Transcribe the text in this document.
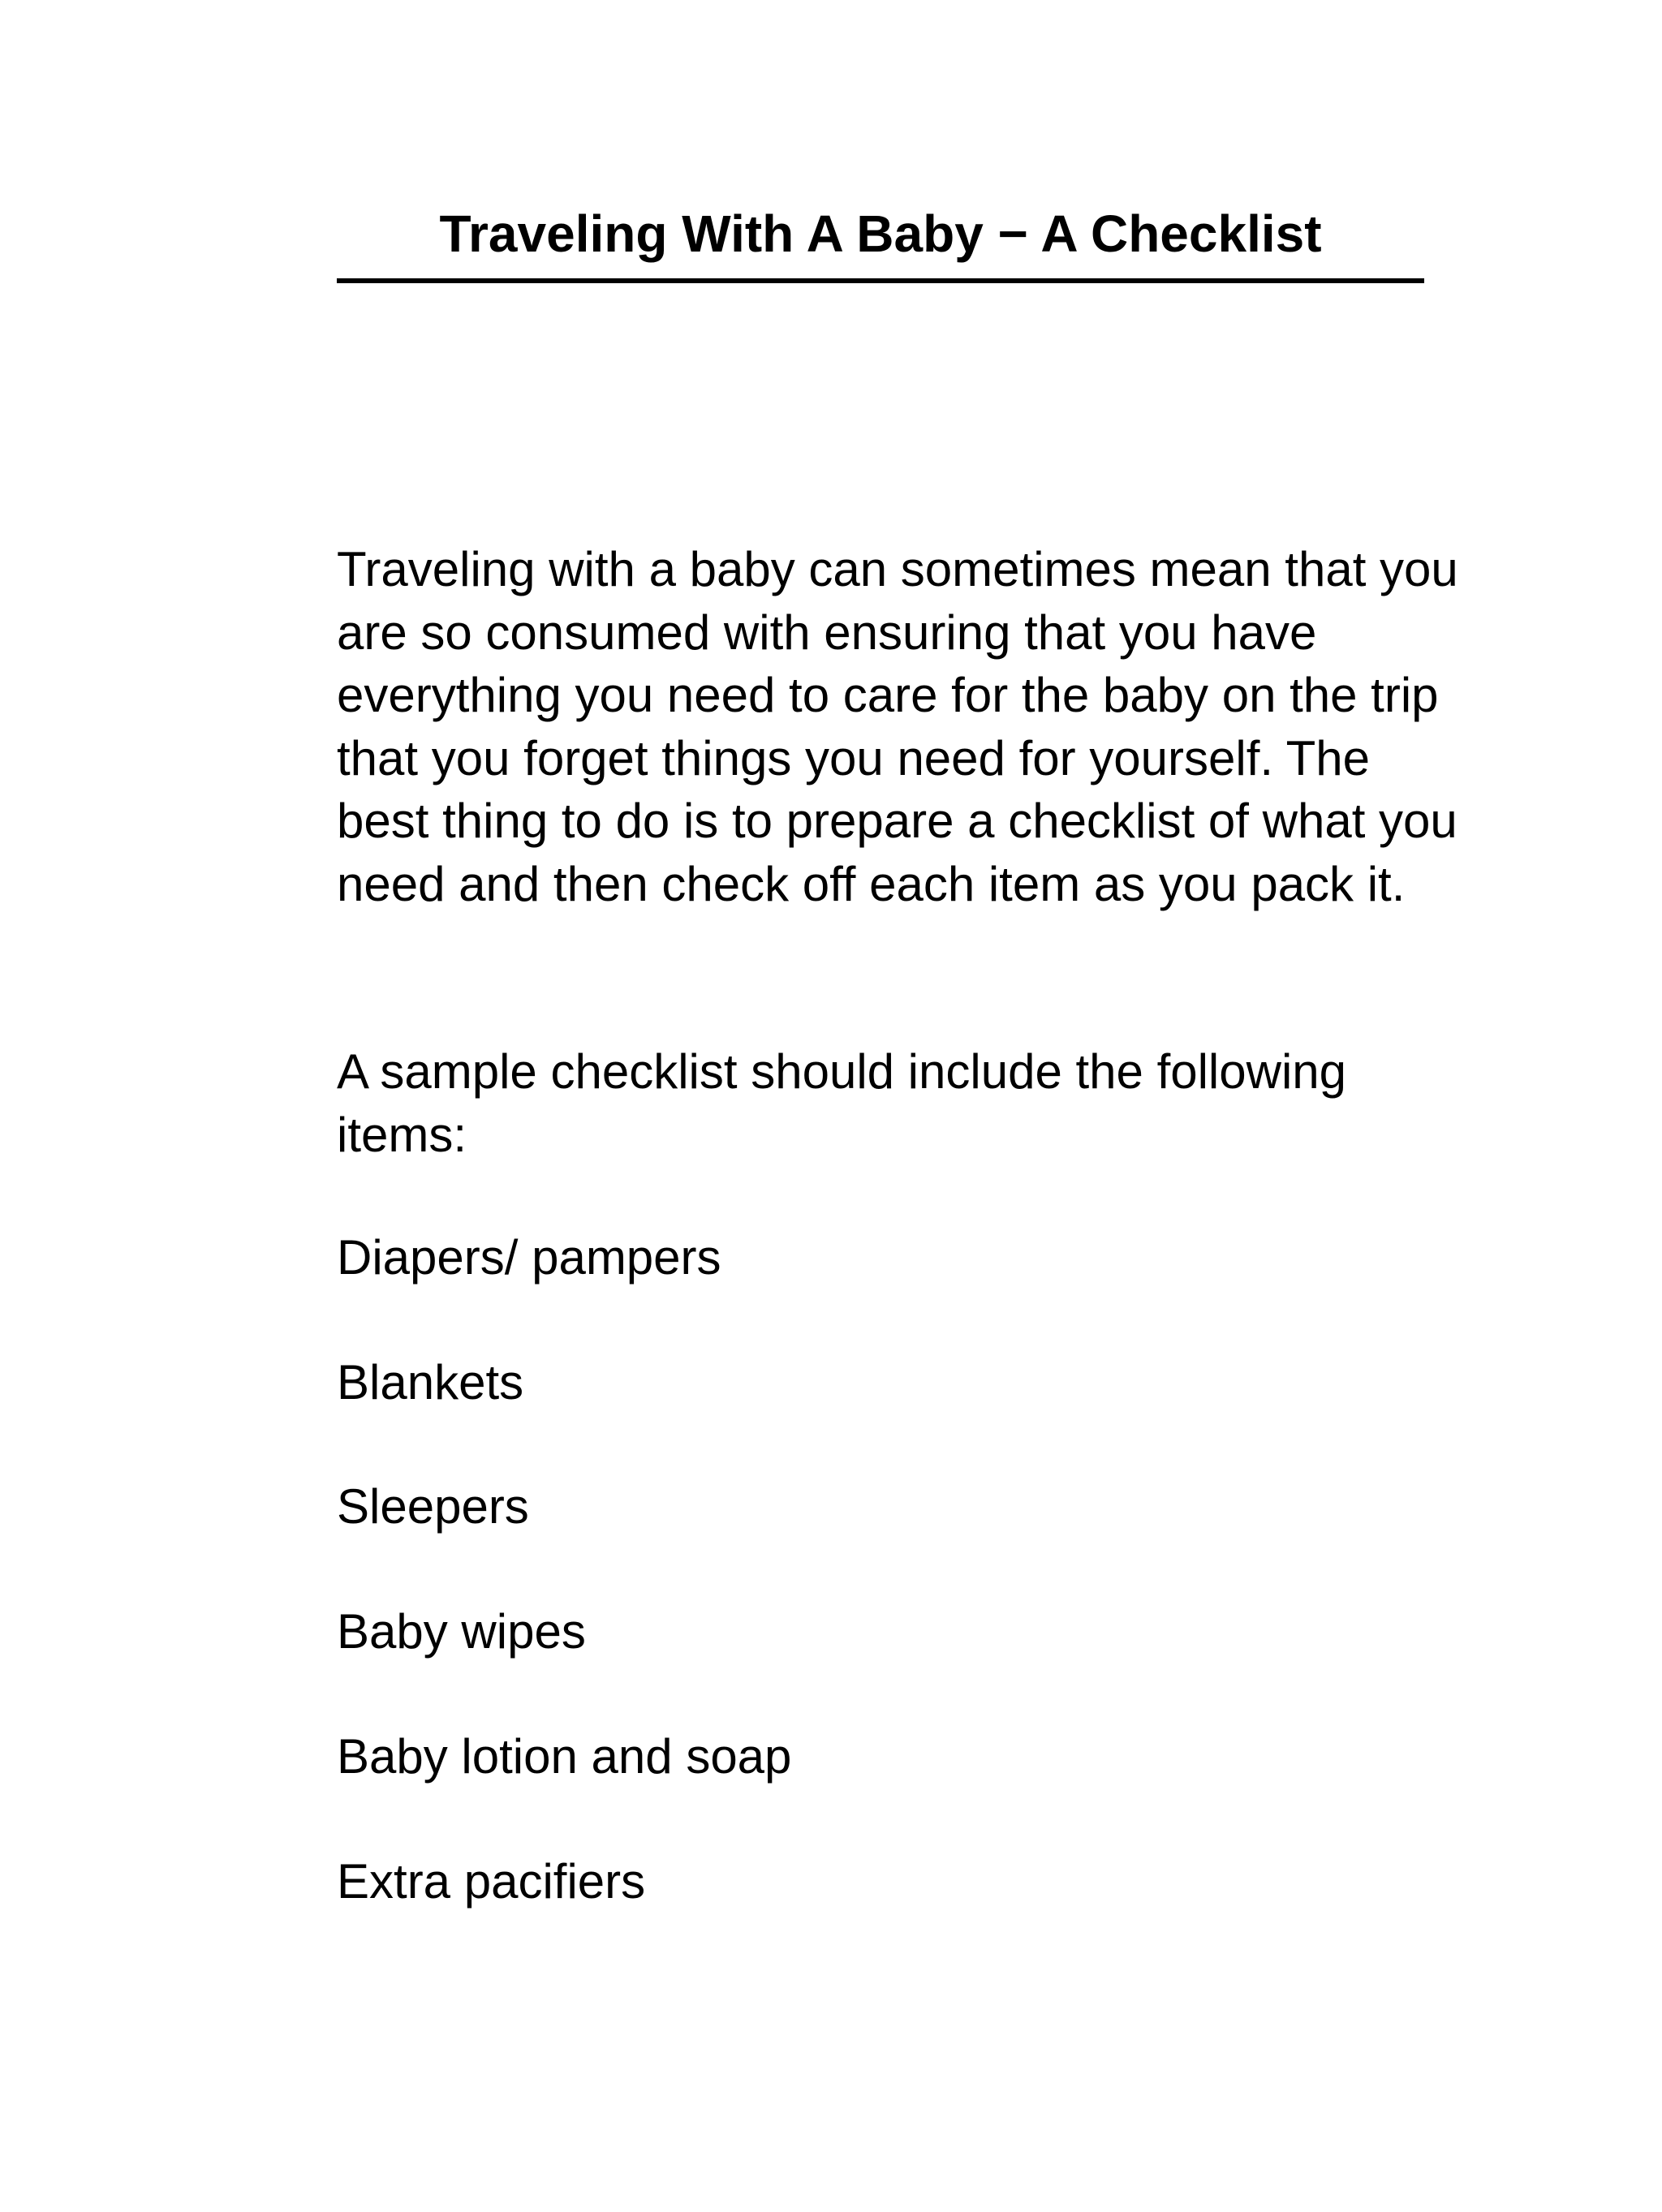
Traveling With A Baby − A Checklist

Traveling with a baby can sometimes mean that you are so consumed with ensuring that you have everything you need to care for the baby on the trip that you forget things you need for yourself. The best thing to do is to prepare a checklist of what you need and then check off each item as you pack it.

A sample checklist should include the following items:

Diapers/ pampers
Blankets
Sleepers
Baby wipes
Baby lotion and soap
Extra pacifiers
